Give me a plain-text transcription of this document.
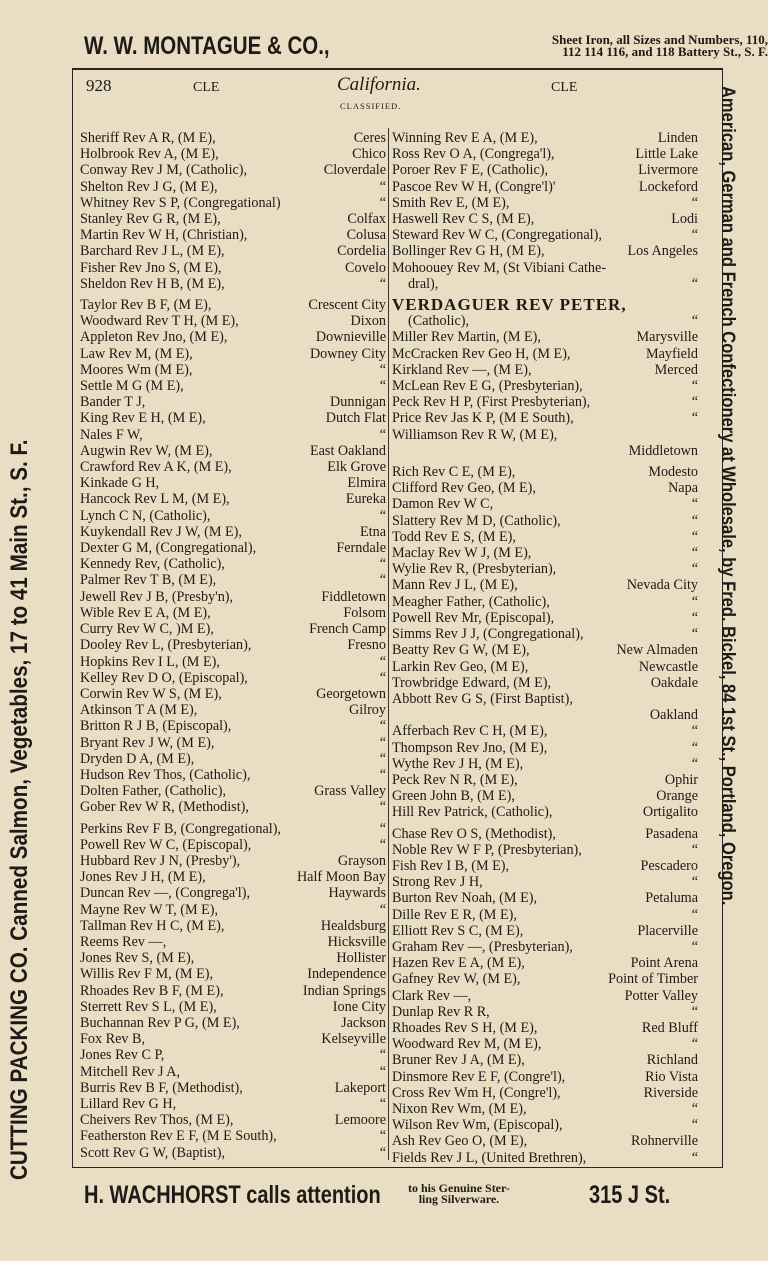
W. W. MONTAGUE & CO.,	Sheet Iron, all Sizes and Numbers, 110,
112 114 116, and 118 Battery St., S. F.
928	CLE	California.
CLASSIFIED.
CLE
Sheriff Rev A R, (M E),	Ceres
Holbrook Rev A, (M E),	Chico
Conway Rev J M, (Catholic),	Cloverdale
Shelton Rev J G, (M E),	“
Whitney Rev S P, (Congregational)	“
Stanley Rev G R, (M E),	Colfax
Martin Rev W H, (Christian),	Colusa
Barchard Rev J L, (M E),	Cordelia
Fisher Rev Jno S, (M E),	Covelo
Sheldon Rev H B, (M E),	“
Taylor Rev B F, (M E),	Crescent City
Woodward Rev T H, (M E),	Dixon
Appleton Rev Jno, (M E),	Downieville
Law Rev M, (M E),	Downey City
Moores Wm (M E),	“
Settle M G (M E),	“
Bander T J,	Dunnigan
King Rev E H, (M E),	Dutch Flat
Nales F W,	“
Augwin Rev W, (M E),	East Oakland
Crawford Rev A K, (M E),	Elk Grove
Kinkade G H,	Elmira
Hancock Rev L M, (M E),	Eureka
Lynch C N, (Catholic),	“
Kuykendall Rev J W, (M E),	Etna
Dexter G M, (Congregational),	Ferndale
Kennedy Rev, (Catholic),	“
Palmer Rev T B, (M E),	“
Jewell Rev J B, (Presby'n),	Fiddletown
Wible Rev E A, (M E),	Folsom
Curry Rev W C, )M E),	French Camp
Dooley Rev L, (Presbyterian),	Fresno
Hopkins Rev I L, (M E),	“
Kelley Rev D O, (Episcopal),	“
Corwin Rev W S, (M E),	Georgetown
Atkinson T A (M E),	Gilroy
Britton R J B, (Episcopal),	“
Bryant Rev J W, (M E),	“
Dryden D A, (M E),	“
Hudson Rev Thos, (Catholic),	“
Dolten Father, (Catholic),	Grass Valley
Gober Rev W R, (Methodist),	“
Perkins Rev F B, (Congregational),	“
Powell Rev W C, (Episcopal),	“
Hubbard Rev J N, (Presby'),	Grayson
Jones Rev J H, (M E),	Half Moon Bay
Duncan Rev —, (Congrega'l),	Haywards
Mayne Rev W T, (M E),	“
Tallman Rev H C, (M E),	Healdsburg
Reems Rev —,	Hicksville
Jones Rev S, (M E),	Hollister
Willis Rev F M, (M E),	Independence
Rhoades Rev B F, (M E),	Indian Springs
Sterrett Rev S L, (M E),	Ione City
Buchannan Rev P G, (M E),	Jackson
Fox Rev B,	Kelseyville
Jones Rev C P,	“
Mitchell Rev J A,	“
Burris Rev B F, (Methodist),	Lakeport
Lillard Rev G H,	“
Cheivers Rev Thos, (M E),	Lemoore
Featherston Rev E F, (M E South),	“
Scott Rev G W, (Baptist),	“
Winning Rev E A, (M E),	Linden
Ross Rev O A, (Congrega'l),	Little Lake
Poroer Rev F E, (Catholic),	Livermore
Pascoe Rev W H, (Congre'l)'	Lockeford
Smith Rev E, (M E),	“
Haswell Rev C S, (M E),	Lodi
Steward Rev W C, (Congregational),	“
Bollinger Rev G H, (M E),	Los Angeles
Mohoouey Rev M, (St Vibiani Cathe-
dral),	“
VERDAGUER REV PETER,
(Catholic),	“
Miller Rev Martin, (M E),	Marysville
McCracken Rev Geo H, (M E),	Mayfield
Kirkland Rev —, (M E),	Merced
McLean Rev E G, (Presbyterian),	“
Peck Rev H P, (First Presbyterian),	“
Price Rev Jas K P, (M E South),	“
Williamson Rev R W, (M E),
Middletown
Rich Rev C E, (M E),	Modesto
Clifford Rev Geo, (M E),	Napa
Damon Rev W C,	“
Slattery Rev M D, (Catholic),	“
Todd Rev E S, (M E),	“
Maclay Rev W J, (M E),	“
Wylie Rev R, (Presbyterian),	“
Mann Rev J L, (M E),	Nevada City
Meagher Father, (Catholic),	“
Powell Rev Mr, (Episcopal),	“
Simms Rev J J, (Congregational),	“
Beatty Rev G W, (M E),	New Almaden
Larkin Rev Geo, (M E),	Newcastle
Trowbridge Edward, (M E),	Oakdale
Abbott Rev G S, (First Baptist),
Oakland
Afferbach Rev C H, (M E),	“
Thompson Rev Jno, (M E),	“
Wythe Rev J H, (M E),	“
Peck Rev N R, (M E),	Ophir
Green John B, (M E),	Orange
Hill Rev Patrick, (Catholic),	Ortigalito
Chase Rev O S, (Methodist),	Pasadena
Noble Rev W F P, (Presbyterian),	“
Fish Rev I B, (M E),	Pescadero
Strong Rev J H,	“
Burton Rev Noah, (M E),	Petaluma
Dille Rev E R, (M E),	“
Elliott Rev S C, (M E),	Placerville
Graham Rev —, (Presbyterian),	“
Hazen Rev E A, (M E),	Point Arena
Gafney Rev W, (M E),	Point of Timber
Clark Rev —,	Potter Valley
Dunlap Rev R R,	“
Rhoades Rev S H, (M E),	Red Bluff
Woodward Rev M, (M E),	“
Bruner Rev J A, (M E),	Richland
Dinsmore Rev E F, (Congre'l),	Rio Vista
Cross Rev Wm H, (Congre'l),	Riverside
Nixon Rev Wm, (M E),	“
Wilson Rev Wm, (Episcopal),	“
Ash Rev Geo O, (M E),	Rohnerville
Fields Rev J L, (United Brethren),	“
CUTTING PACKING CO. Canned Salmon, Vegetables, 17 to 41 Main St., S. F.	American, German and French Confectionery at Wholesale, by Fred. Bickel, 84 1st St., Portland, Oregon.
H. WACHHORST calls attention to his Genuine Ster-
ling Silverware.	315 J St.
